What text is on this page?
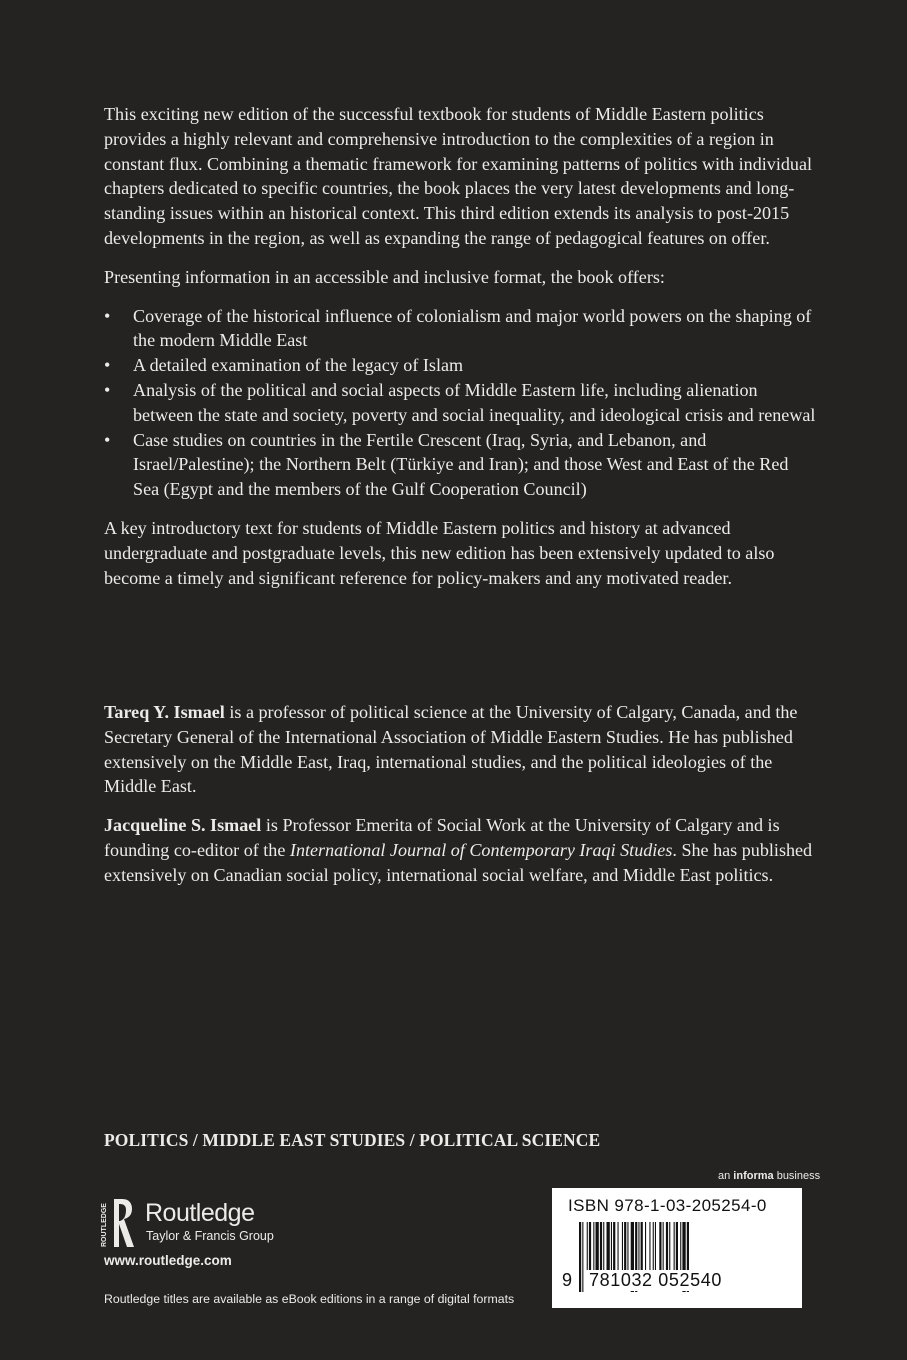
This exciting new edition of the successful textbook for students of Middle Eastern politics provides a highly relevant and comprehensive introduction to the complexities of a region in constant flux. Combining a thematic framework for examining patterns of politics with individual chapters dedicated to specific countries, the book places the very latest developments and long-standing issues within an historical context. This third edition extends its analysis to post-2015 developments in the region, as well as expanding the range of pedagogical features on offer.

Presenting information in an accessible and inclusive format, the book offers:

• Coverage of the historical influence of colonialism and major world powers on the shaping of the modern Middle East
• A detailed examination of the legacy of Islam
• Analysis of the political and social aspects of Middle Eastern life, including alienation between the state and society, poverty and social inequality, and ideological crisis and renewal
• Case studies on countries in the Fertile Crescent (Iraq, Syria, and Lebanon, and Israel/Palestine); the Northern Belt (Türkiye and Iran); and those West and East of the Red Sea (Egypt and the members of the Gulf Cooperation Council)

A key introductory text for students of Middle Eastern politics and history at advanced undergraduate and postgraduate levels, this new edition has been extensively updated to also become a timely and significant reference for policy-makers and any motivated reader.

Tareq Y. Ismael is a professor of political science at the University of Calgary, Canada, and the Secretary General of the International Association of Middle Eastern Studies. He has published extensively on the Middle East, Iraq, international studies, and the political ideologies of the Middle East.

Jacqueline S. Ismael is Professor Emerita of Social Work at the University of Calgary and is founding co-editor of the International Journal of Contemporary Iraqi Studies. She has published extensively on Canadian social policy, international social welfare, and Middle East politics.

POLITICS / MIDDLE EAST STUDIES / POLITICAL SCIENCE
an informa business
ROUTLEDGE Routledge
Taylor & Francis Group
www.routledge.com
Routledge titles are available as eBook editions in a range of digital formats
ISBN 978-1-03-205254-0
9 781032 052540
